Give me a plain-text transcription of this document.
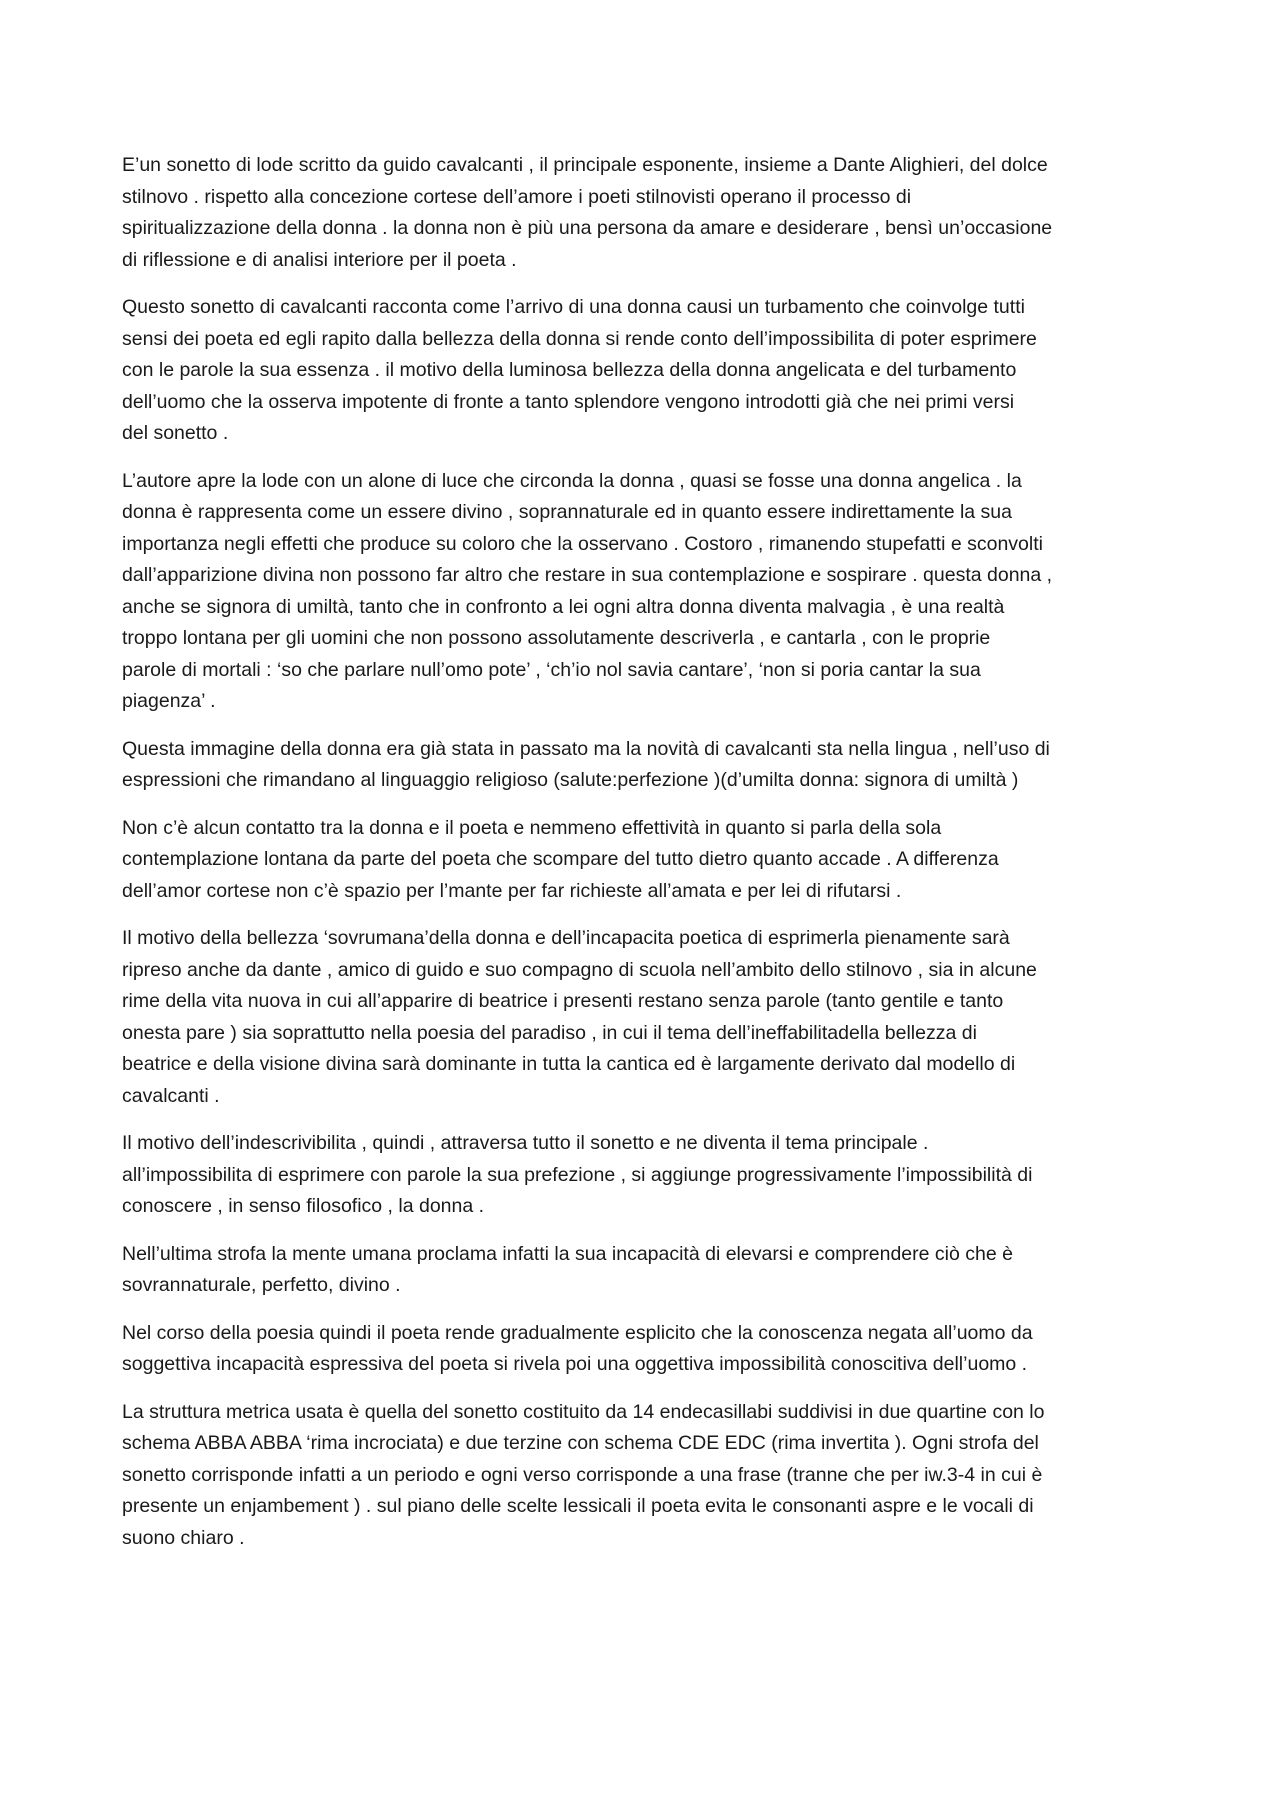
E’un sonetto di lode scritto da guido cavalcanti , il principale esponente, insieme a Dante Alighieri, del dolce
stilnovo . rispetto alla concezione cortese dell’amore i poeti stilnovisti operano il processo di
spiritualizzazione della donna . la donna non è più una persona da amare e desiderare , bensì un’occasione
di riflessione e di analisi interiore per il poeta .

Questo sonetto di cavalcanti racconta come l’arrivo di una donna causi un turbamento che coinvolge tutti
sensi dei poeta ed egli rapito dalla bellezza della donna si rende conto dell’impossibilita di poter esprimere
con le parole la sua essenza . il motivo della luminosa bellezza della donna angelicata e del turbamento
dell’uomo che la osserva impotente di fronte a tanto splendore vengono introdotti già che nei primi versi
del sonetto .

L’autore apre la lode con un alone di luce che circonda la donna , quasi se fosse una donna angelica . la
donna è rappresenta come un essere divino , soprannaturale ed in quanto essere indirettamente la sua
importanza negli effetti che produce su coloro che la osservano . Costoro , rimanendo stupefatti e sconvolti
dall’apparizione divina non possono far altro che restare in sua contemplazione e sospirare . questa donna ,
anche se signora di umiltà, tanto che in confronto a lei ogni altra donna diventa malvagia , è una realtà
troppo lontana per gli uomini che non possono assolutamente descriverla , e cantarla , con le proprie
parole di mortali : ‘so che parlare null’omo pote’ , ‘ch’io nol savia cantare’, ‘non si poria cantar la sua
piagenza’ .

Questa immagine della donna era già stata in passato ma la novità di cavalcanti sta nella lingua , nell’uso di
espressioni che rimandano al linguaggio religioso (salute:perfezione )(d’umilta donna: signora di umiltà )

Non c’è alcun contatto tra la donna e il poeta e nemmeno effettività in quanto si parla della sola
contemplazione lontana da parte del poeta che scompare del tutto dietro quanto accade . A differenza
dell’amor cortese non c’è spazio per l’mante per far richieste all’amata e per lei di rifutarsi .

Il motivo della bellezza ‘sovrumana’della donna e dell’incapacita poetica di esprimerla pienamente sarà
ripreso anche da dante , amico di guido e suo compagno di scuola nell’ambito dello stilnovo , sia in alcune
rime della vita nuova in cui all’apparire di beatrice i presenti restano senza parole (tanto gentile e tanto
onesta pare ) sia soprattutto nella poesia del paradiso , in cui il tema dell’ineffabilitadella bellezza di
beatrice e della visione divina sarà dominante in tutta la cantica ed è largamente derivato dal modello di
cavalcanti .

Il motivo dell’indescrivibilita , quindi , attraversa tutto il sonetto e ne diventa il tema principale .
all’impossibilita di esprimere con parole la sua prefezione , si aggiunge progressivamente l’impossibilità di
conoscere , in senso filosofico , la donna .

Nell’ultima strofa la mente umana proclama infatti la sua incapacità di elevarsi e comprendere ciò che è
sovrannaturale, perfetto, divino .

Nel corso della poesia quindi il poeta rende gradualmente esplicito che la conoscenza negata all’uomo da
soggettiva incapacità espressiva del poeta si rivela poi una oggettiva impossibilità conoscitiva dell’uomo .

La struttura metrica usata è quella del sonetto costituito da 14 endecasillabi suddivisi in due quartine con lo
schema ABBA ABBA ‘rima incrociata) e due terzine con schema CDE EDC (rima invertita ). Ogni strofa del
sonetto corrisponde infatti a un periodo e ogni verso corrisponde a una frase (tranne che per iw.3-4 in cui è
presente un enjambement ) . sul piano delle scelte lessicali il poeta evita le consonanti aspre e le vocali di
suono chiaro .
